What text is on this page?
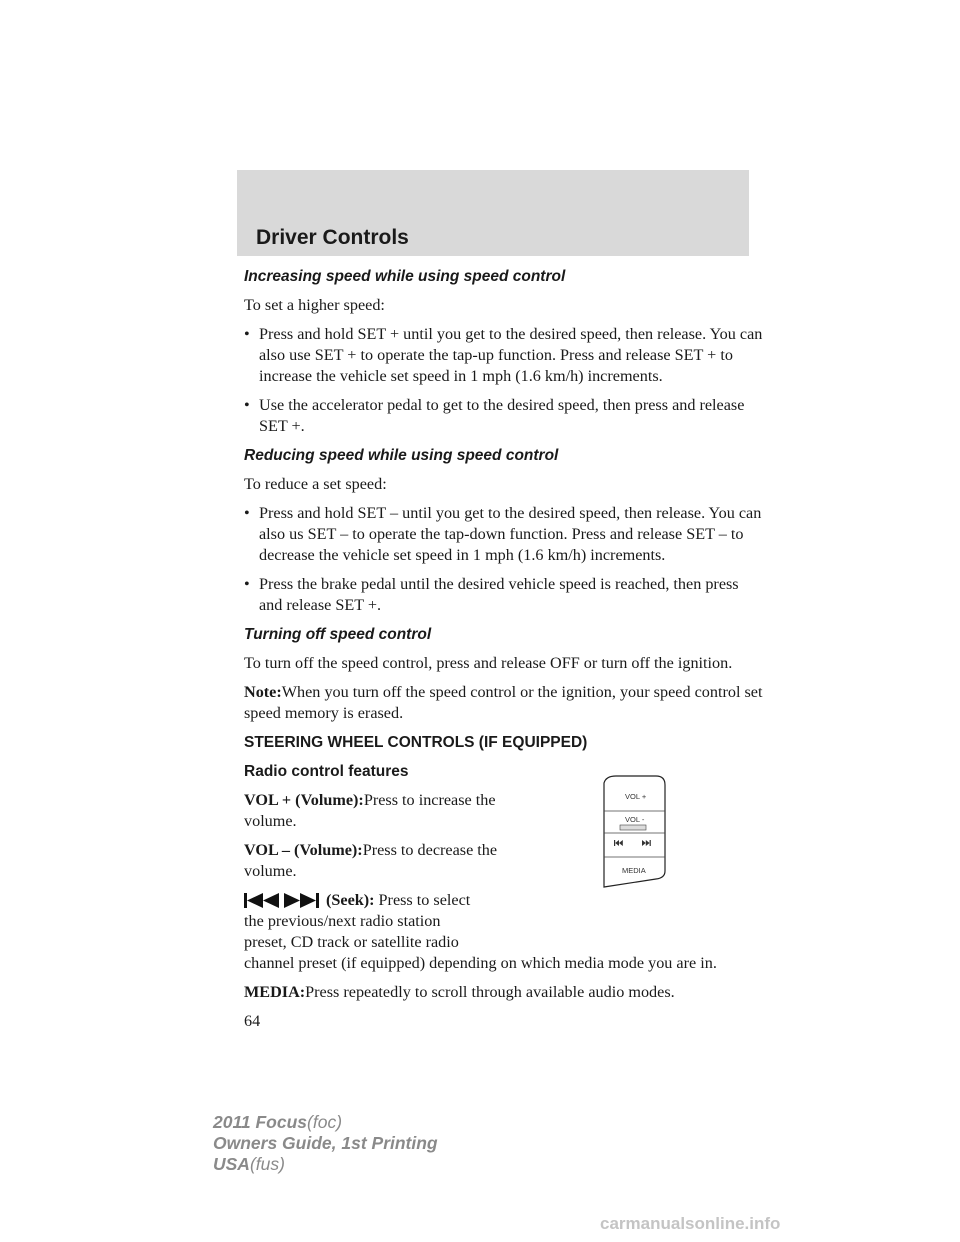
Driver Controls

Increasing speed while using speed control

To set a higher speed:

• Press and hold SET + until you get to the desired speed, then release. You can also use SET + to operate the tap-up function. Press and release SET + to increase the vehicle set speed in 1 mph (1.6 km/h) increments.
• Use the accelerator pedal to get to the desired speed, then press and release SET +.

Reducing speed while using speed control

To reduce a set speed:

• Press and hold SET – until you get to the desired speed, then release. You can also us SET – to operate the tap-down function. Press and release SET – to decrease the vehicle set speed in 1 mph (1.6 km/h) increments.
• Press the brake pedal until the desired vehicle speed is reached, then press and release SET +.

Turning off speed control

To turn off the speed control, press and release OFF or turn off the ignition.

Note:When you turn off the speed control or the ignition, your speed control set speed memory is erased.

STEERING WHEEL CONTROLS (IF EQUIPPED)

Radio control features

VOL + (Volume):Press to increase the volume.

VOL – (Volume):Press to decrease the volume.

(Seek): Press to select
the previous/next radio station preset, CD track or satellite radio
channel preset (if equipped) depending on which media mode you are in.

MEDIA:Press repeatedly to scroll through available audio modes.

64

VOL +
VOL -
MEDIA
2011 Focus(foc)
Owners Guide, 1st Printing
USA(fus)
carmanualsonline.info
